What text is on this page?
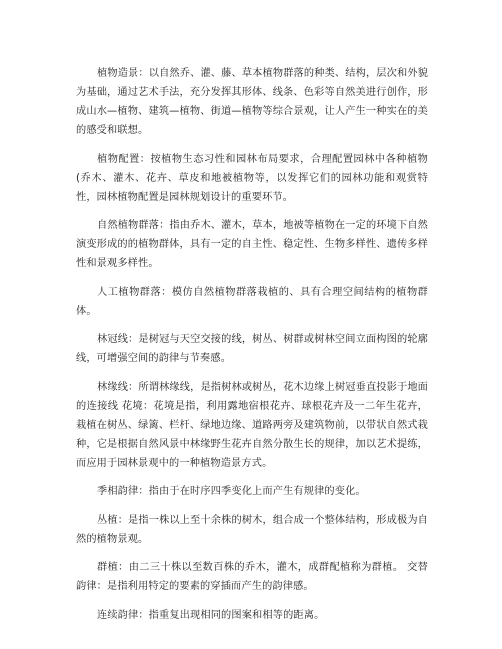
植物造景：以自然乔、灌、藤、草本植物群落的种类、结构，层次和外貌为基础，通过艺术手法，充分发挥其形体、线条、色彩等自然美进行创作，形成山水—植物、建筑—植物、街道—植物等综合景观，让人产生一种实在的美的感受和联想。

植物配置：按植物生态习性和园林布局要求，合理配置园林中各种植物(乔木、灌木、花卉、草皮和地被植物等，以发挥它们的园林功能和观赏特性，园林植物配置是园林规划设计的重要环节。

自然植物群落：指由乔木、灌木，草本，地被等植物在一定的环境下自然演变形成的的植物群体，具有一定的自主性、稳定性、生物多样性、遗传多样性和景观多样性。

人工植物群落：模仿自然植物群落栽植的、具有合理空间结构的植物群体。

林冠线：是树冠与天空交接的线，树丛、树群或树林空间立面构图的轮廓线，可增强空间的韵律与节奏感。

林缘线：所谓林缘线，是指树林或树丛，花木边缘上树冠垂直投影于地面的连接线 花境：花境是指，利用露地宿根花卉、球根花卉及一二年生花卉，栽植在树丛、绿篱、栏杆、绿地边缘、道路两旁及建筑物前，以带状自然式栽种，它是根据自然风景中林缘野生花卉自然分散生长的规律，加以艺术提练，而应用于园林景观中的一种植物造景方式。

季相韵律：指由于在时序四季变化上而产生有规律的变化。

丛植：是指一株以上至十余株的树木，组合成一个整体结构，形成极为自然的植物景观。

群植：由二三十株以至数百株的乔木，灌木，成群配植称为群植。 交替韵律：是指利用特定的要素的穿插而产生的韵律感。

连续韵律：指重复出现相同的图案和相等的距离。
